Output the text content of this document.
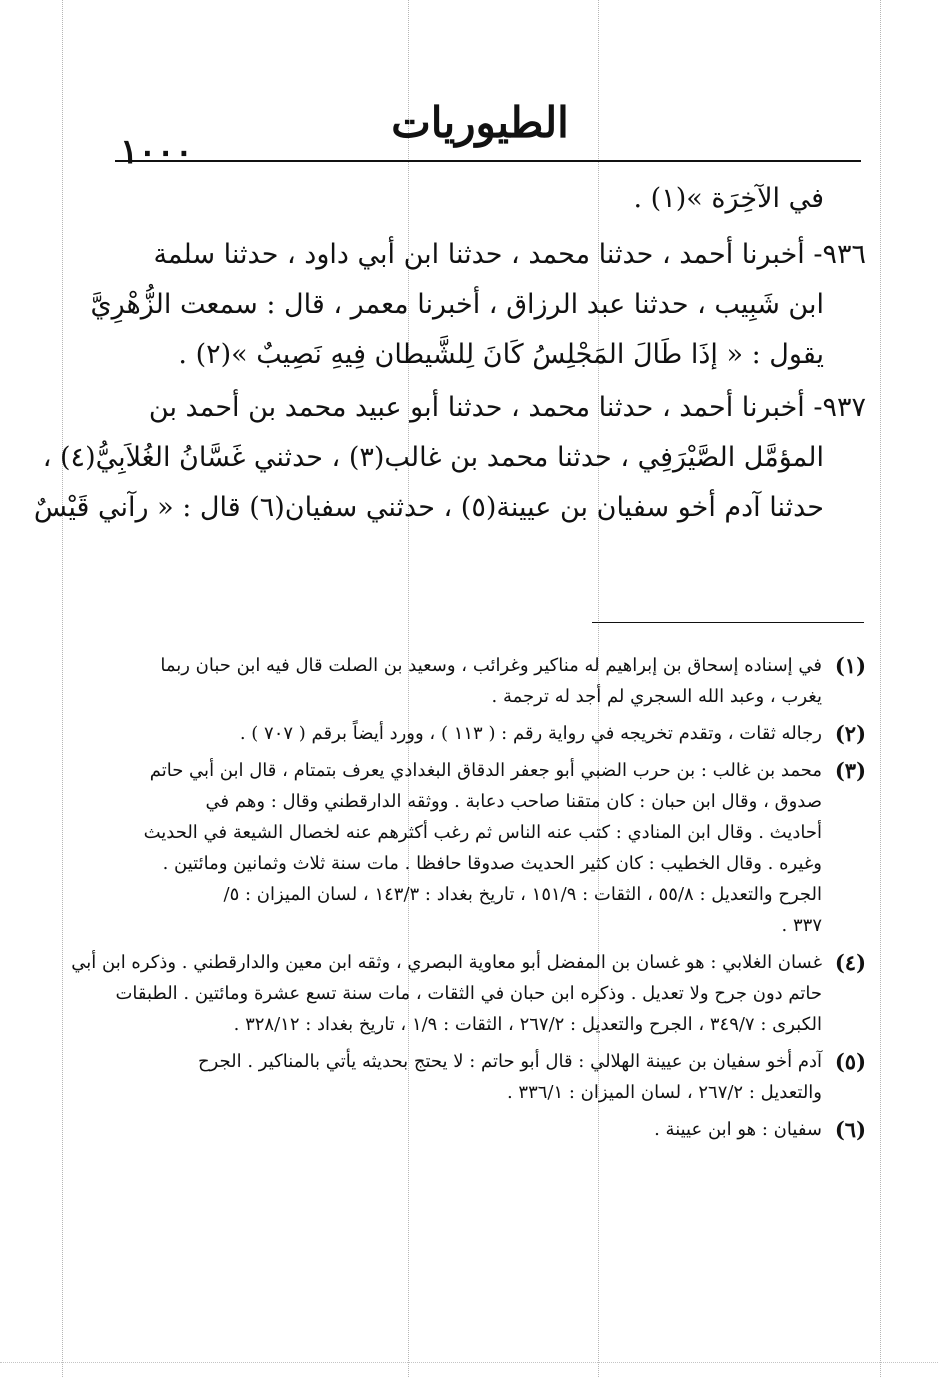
١٠٠٠
الطيوريات

في الآخِرَة »(١) .

٩٣٦- أخبرنا أحمد ، حدثنا محمد ، حدثنا ابن أبي داود ، حدثنا سلمة

ابن شَبِيب ، حدثنا عبد الرزاق ، أخبرنا معمر ، قال : سمعت الزُّهْرِيَّ

يقول : « إذَا طَالَ المَجْلِسُ كَانَ لِلشَّيطان فِيهِ نَصِيبٌ »(٢) .

٩٣٧- أخبرنا أحمد ، حدثنا محمد ، حدثنا أبو عبيد محمد بن أحمد بن

المؤمَّل الصَّيْرَفِي ، حدثنا محمد بن غالب(٣) ، حدثني غَسَّانُ الغُلاَبِيُّ(٤) ،

حدثنا آدم أخو سفيان بن عيينة(٥) ، حدثني سفيان(٦) قال : « رآني قَيْسٌ

(١)

في إسناده إسحاق بن إبراهيم له مناكير وغرائب ، وسعيد بن الصلت قال فيه ابن حبان ربما

يغرب ، وعبد الله السجري لم أجد له ترجمة .

(٢)

رجاله ثقات ، وتقدم تخريجه في رواية رقم : ( ١١٣ ) ، وورد أيضاً برقم ( ٧٠٧ ) .

(٣)

محمد بن غالب : بن حرب الضبي أبو جعفر الدقاق البغدادي يعرف بتمتام ، قال ابن أبي حاتم

صدوق ، وقال ابن حبان : كان متقنا صاحب دعابة . ووثقه الدارقطني وقال : وهم في

أحاديث . وقال ابن المنادي : كتب عنه الناس ثم رغب أكثرهم عنه لخصال الشيعة في الحديث

وغيره . وقال الخطيب : كان كثير الحديث صدوقا حافظا . مات سنة ثلاث وثمانين ومائتين .

الجرح والتعديل : ٥٥/٨ ، الثقات : ١٥١/٩ ، تاريخ بغداد : ١٤٣/٣ ، لسان الميزان : ٥/

٣٣٧ .

(٤)

غسان الغلابي : هو غسان بن المفضل أبو معاوية البصري ، وثقه ابن معين والدارقطني . وذكره ابن أبي

حاتم دون جرح ولا تعديل . وذكره ابن حبان في الثقات ، مات سنة تسع عشرة ومائتين . الطبقات

الكبرى : ٣٤٩/٧ ، الجرح والتعديل : ٢٦٧/٢ ، الثقات : ١/٩ ، تاريخ بغداد : ٣٢٨/١٢ .

(٥)

آدم أخو سفيان بن عيينة الهلالي : قال أبو حاتم : لا يحتج بحديثه يأتي بالمناكير . الجرح

والتعديل : ٢٦٧/٢ ، لسان الميزان : ٣٣٦/١ .

(٦)

سفيان : هو ابن عيينة .
